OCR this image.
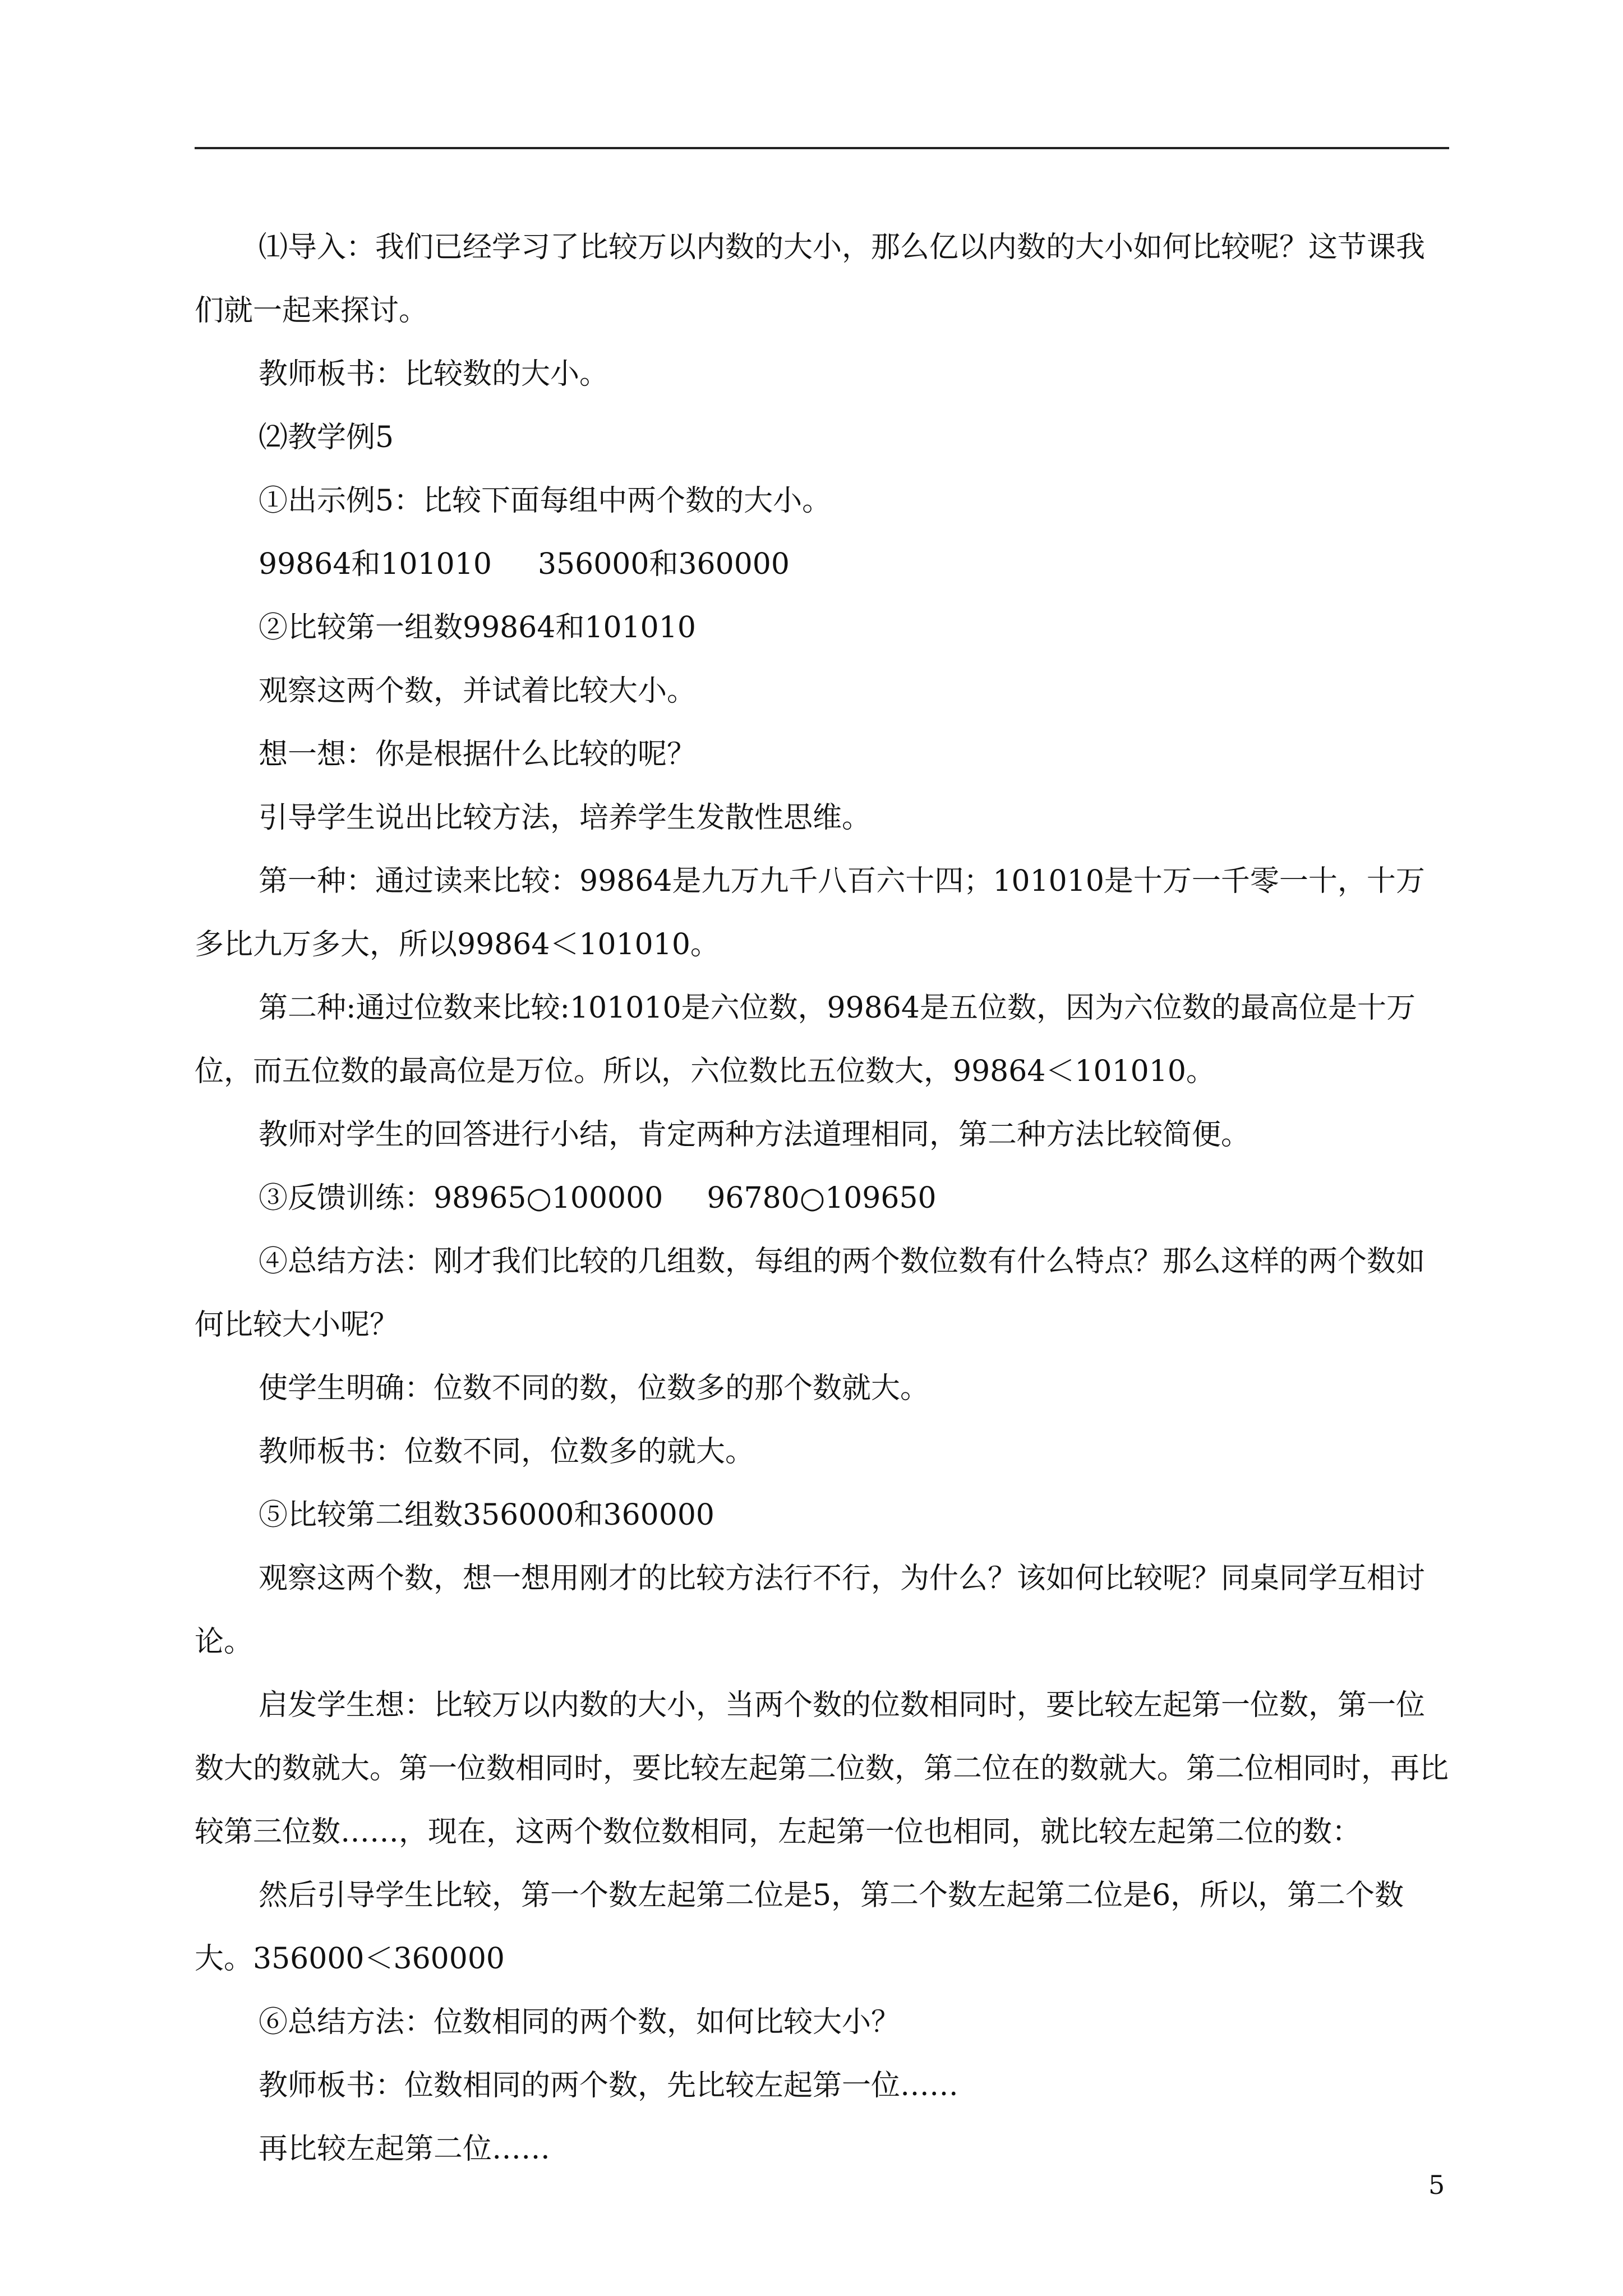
⑴导入：我们已经学习了比较万以内数的大小，那么亿以内数的大小如何比较呢？这节课我们就一起来探讨。

教师板书：比较数的大小。

⑵教学例5

①出示例5：比较下面每组中两个数的大小。

99864和101010 356000和360000

②比较第一组数99864和101010

观察这两个数，并试着比较大小。

想一想：你是根据什么比较的呢？

引导学生说出比较方法，培养学生发散性思维。

第一种：通过读来比较：99864是九万九千八百六十四；101010是十万一千零一十，十万多比九万多大，所以99864＜101010。

第二种:通过位数来比较:101010是六位数，99864是五位数，因为六位数的最高位是十万位，而五位数的最高位是万位。所以，六位数比五位数大，99864＜101010。

教师对学生的回答进行小结，肯定两种方法道理相同，第二种方法比较简便。

③反馈训练：98965○100000 96780○109650

④总结方法：刚才我们比较的几组数，每组的两个数位数有什么特点？那么这样的两个数如何比较大小呢？

使学生明确：位数不同的数，位数多的那个数就大。

教师板书：位数不同，位数多的就大。

⑤比较第二组数356000和360000

观察这两个数，想一想用刚才的比较方法行不行，为什么？该如何比较呢？同桌同学互相讨论。

启发学生想：比较万以内数的大小，当两个数的位数相同时，要比较左起第一位数，第一位数大的数就大。第一位数相同时，要比较左起第二位数，第二位在的数就大。第二位相同时，再比较第三位数……，现在，这两个数位数相同，左起第一位也相同，就比较左起第二位的数：

然后引导学生比较，第一个数左起第二位是5，第二个数左起第二位是6，所以，第二个数大。356000＜360000

⑥总结方法：位数相同的两个数，如何比较大小？

教师板书：位数相同的两个数，先比较左起第一位……

再比较左起第二位……

5
